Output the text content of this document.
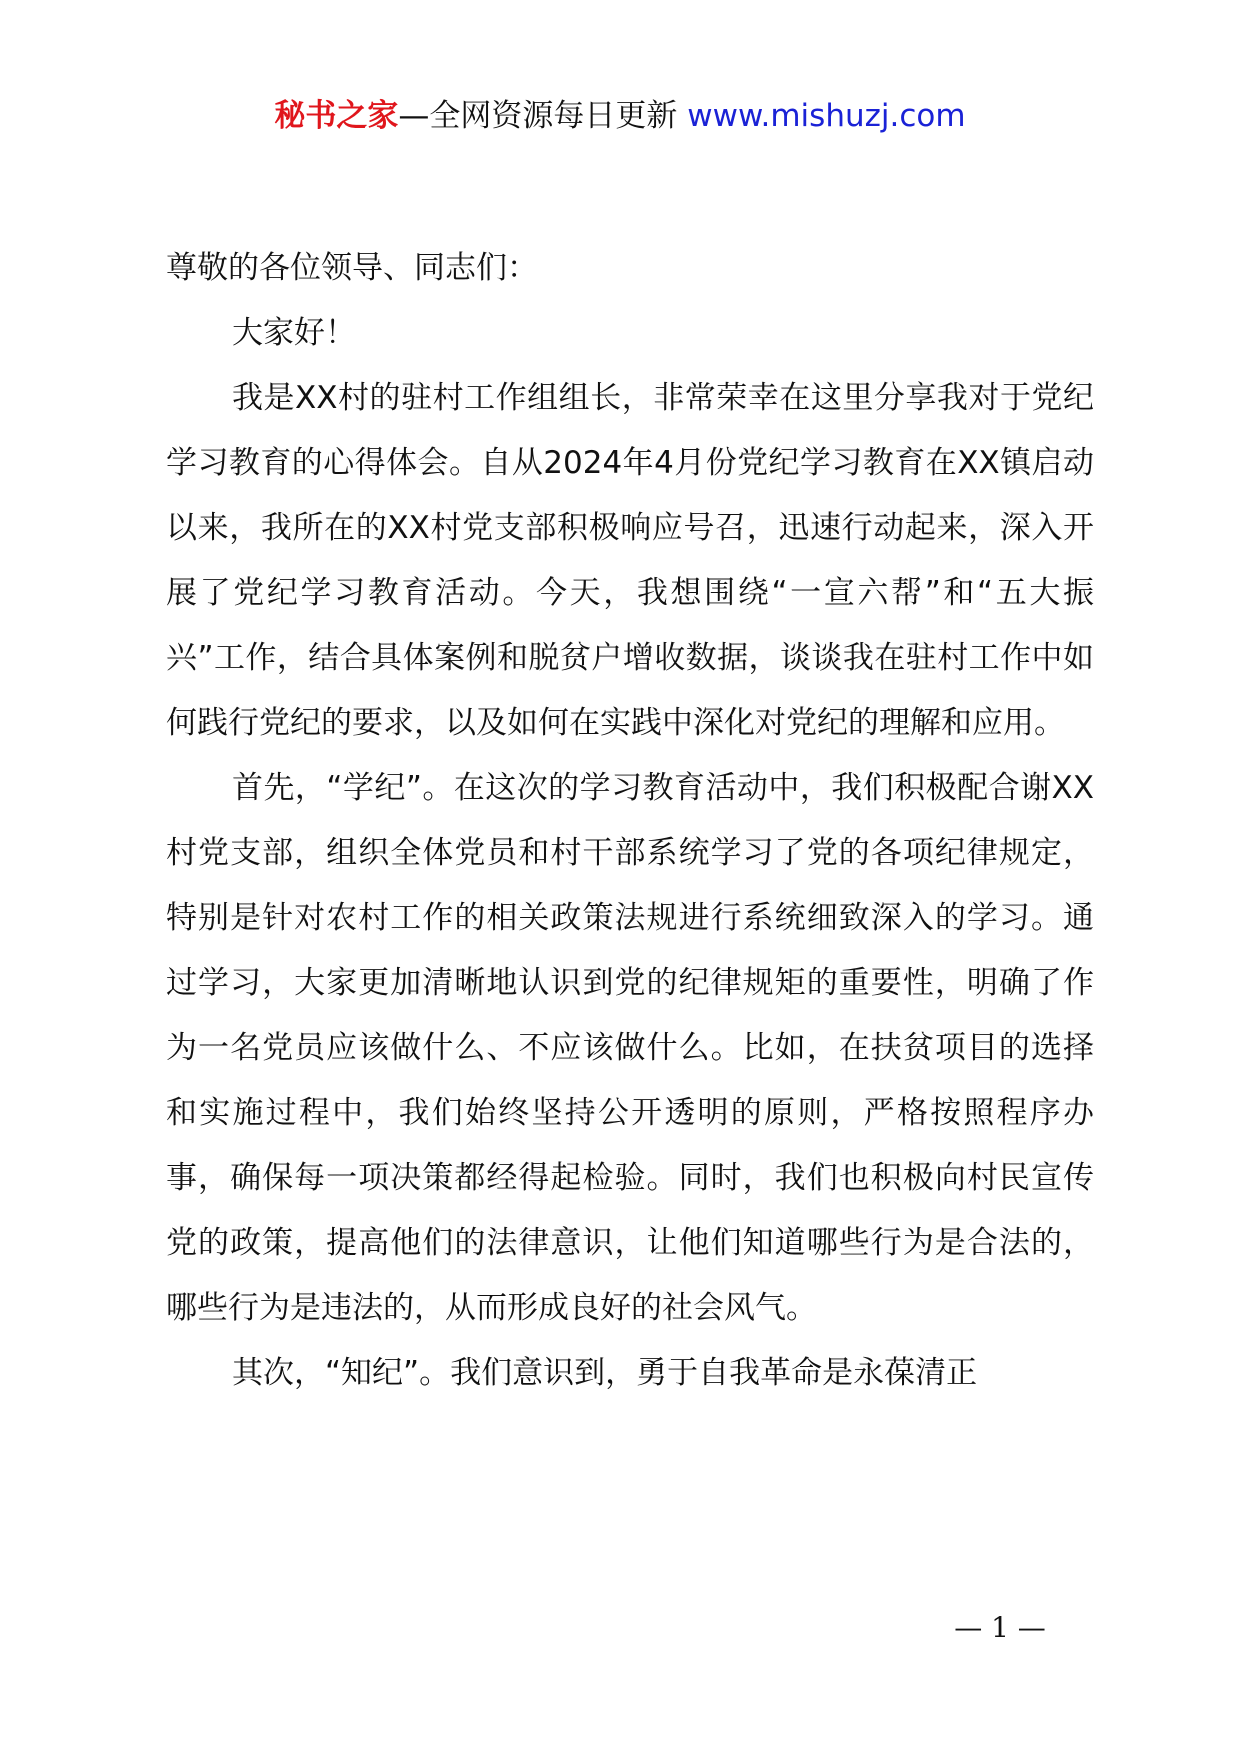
秘书之家—全网资源每日更新 www.mishuzj.com

尊敬的各位领导、同志们：

大家好！

我是XX村的驻村工作组组长，非常荣幸在这里分享我对于党纪学习教育的心得体会。自从2024年4月份党纪学习教育在XX镇启动以来，我所在的XX村党支部积极响应号召，迅速行动起来，深入开展了党纪学习教育活动。今天，我想围绕“一宣六帮”和“五大振兴”工作，结合具体案例和脱贫户增收数据，谈谈我在驻村工作中如何践行党纪的要求，以及如何在实践中深化对党纪的理解和应用。

首先，“学纪”。在这次的学习教育活动中，我们积极配合谢XX村党支部，组织全体党员和村干部系统学习了党的各项纪律规定，特别是针对农村工作的相关政策法规进行系统细致深入的学习。通过学习，大家更加清晰地认识到党的纪律规矩的重要性，明确了作为一名党员应该做什么、不应该做什么。比如，在扶贫项目的选择和实施过程中，我们始终坚持公开透明的原则，严格按照程序办事，确保每一项决策都经得起检验。同时，我们也积极向村民宣传党的政策，提高他们的法律意识，让他们知道哪些行为是合法的，哪些行为是违法的，从而形成良好的社会风气。

其次，“知纪”。我们意识到，勇于自我革命是永葆清正

— 1 —
